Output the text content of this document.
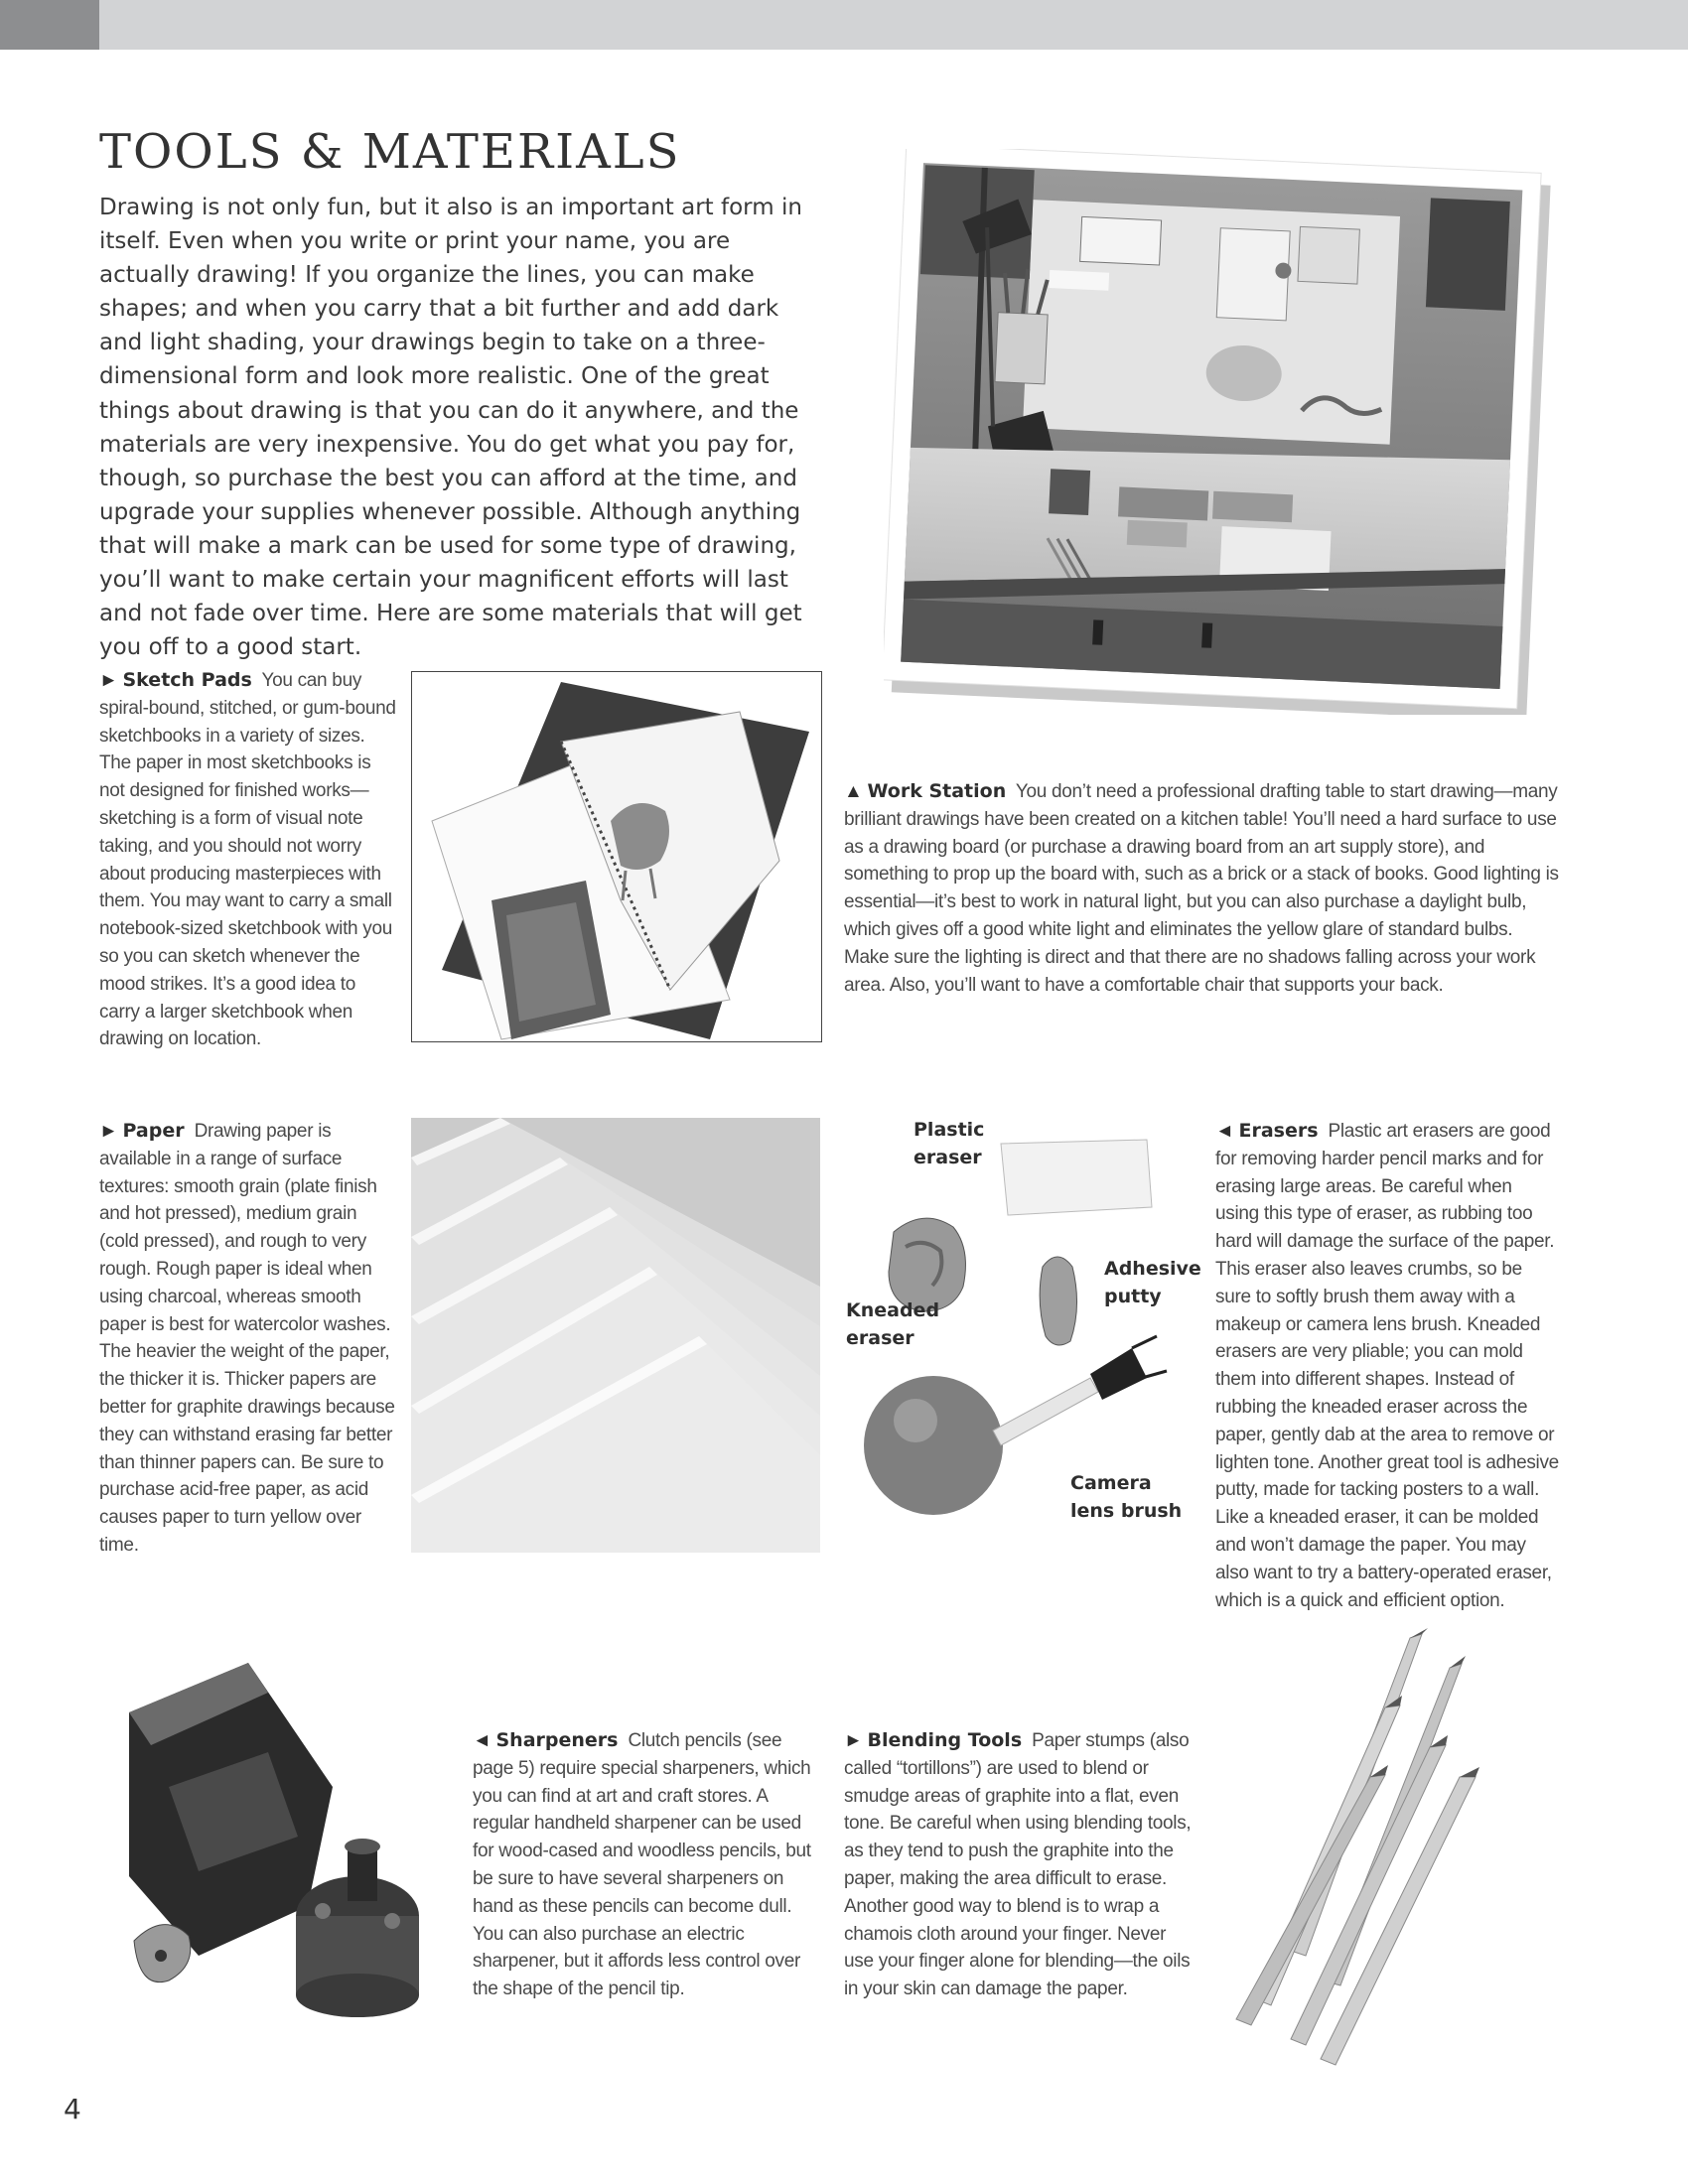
TOOLS & MATERIALS

Drawing is not only fun, but it also is an important art form in itself. Even when you write or print your name, you are actually drawing! If you organize the lines, you can make shapes; and when you carry that a bit further and add dark and light shading, your drawings begin to take on a three-dimensional form and look more realistic. One of the great things about drawing is that you can do it anywhere, and the materials are very inexpensive. You do get what you pay for, though, so purchase the best you can afford at the time, and upgrade your supplies whenever possible. Although anything that will make a mark can be used for some type of drawing, you’ll want to make certain your magnificent efforts will last and not fade over time. Here are some materials that will get you off to a good start.

► Sketch Pads You can buy spiral-bound, stitched, or gum-bound sketchbooks in a variety of sizes. The paper in most sketchbooks is not designed for finished works—sketching is a form of visual note taking, and you should not worry about producing masterpieces with them. You may want to carry a small notebook-sized sketchbook with you so you can sketch whenever the mood strikes. It’s a good idea to carry a larger sketchbook when drawing on location.

▲ Work Station You don’t need a professional drafting table to start drawing—many brilliant drawings have been created on a kitchen table! You’ll need a hard surface to use as a drawing board (or purchase a drawing board from an art supply store), and something to prop up the board with, such as a brick or a stack of books. Good lighting is essential—it’s best to work in natural light, but you can also purchase a daylight bulb, which gives off a good white light and eliminates the yellow glare of standard bulbs. Make sure the lighting is direct and that there are no shadows falling across your work area. Also, you’ll want to have a comfortable chair that supports your back.

► Paper Drawing paper is available in a range of surface textures: smooth grain (plate finish and hot pressed), medium grain (cold pressed), and rough to very rough. Rough paper is ideal when using charcoal, whereas smooth paper is best for watercolor washes. The heavier the weight of the paper, the thicker it is. Thicker papers are better for graphite drawings because they can withstand erasing far better than thinner papers can. Be sure to purchase acid-free paper, as acid causes paper to turn yellow over time.

Plastic
eraser
Kneaded
eraser
Adhesive
putty
Camera
lens brush

◄ Erasers Plastic art erasers are good for removing harder pencil marks and for erasing large areas. Be careful when using this type of eraser, as rubbing too hard will damage the surface of the paper. This eraser also leaves crumbs, so be sure to softly brush them away with a makeup or camera lens brush. Kneaded erasers are very pliable; you can mold them into different shapes. Instead of rubbing the kneaded eraser across the paper, gently dab at the area to remove or lighten tone. Another great tool is adhesive putty, made for tacking posters to a wall. Like a kneaded eraser, it can be molded and won’t damage the paper. You may also want to try a battery-operated eraser, which is a quick and efficient option.

◄ Sharpeners Clutch pencils (see page 5) require special sharpeners, which you can find at art and craft stores. A regular handheld sharpener can be used for wood-cased and woodless pencils, but be sure to have several sharpeners on hand as these pencils can become dull. You can also purchase an electric sharpener, but it affords less control over the shape of the pencil tip.

► Blending Tools Paper stumps (also called “tortillons”) are used to blend or smudge areas of graphite into a flat, even tone. Be careful when using blending tools, as they tend to push the graphite into the paper, making the area difficult to erase. Another good way to blend is to wrap a chamois cloth around your finger. Never use your finger alone for blending—the oils in your skin can damage the paper.

4
